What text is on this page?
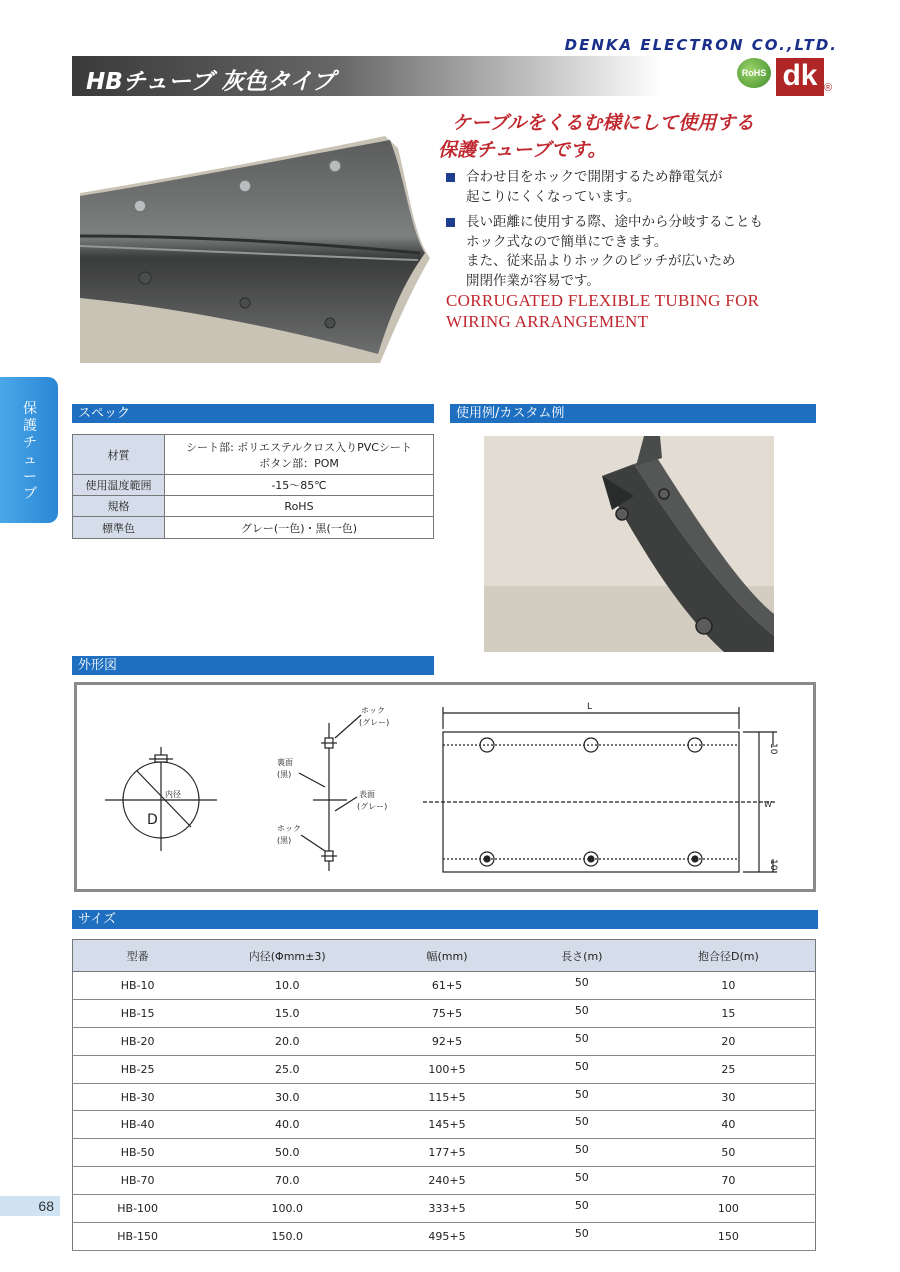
DENKA ELECTRON CO.,LTD.
HBチューブ 灰色タイプ	RoHS dk ®
ケーブルをくるむ様にして使用する
保護チューブです。
合わせ目をホックで開閉するため静電気が
起こりにくくなっています。
長い距離に使用する際、途中から分岐することも
ホック式なので簡単にできます。
また、従来品よりホックのピッチが広いため
開閉作業が容易です。
CORRUGATED FLEXIBLE TUBING FOR
WIRING ARRANGEMENT
保護チューブ
スペック
材質	シート部: ポリエステルクロス入りPVCシート
ボタン部：POM

使用温度範囲	-15～85℃
規格	RoHS
標準色	グレー(一色)・黒(一色)
使用例/カスタム例
外形図
D
内径
ホック
(グレー)
裏面
(黒)
表面
(グレー)
ホック
(黒)
L
W
10
10
サイズ
型番	内径(Φmm±3)	幅(mm)	長さ(m)	抱合径D(m)
HB-10	10.0	61+5	50	10
HB-15	15.0	75+5	50	15
HB-20	20.0	92+5	50	20
HB-25	25.0	100+5	50	25
HB-30	30.0	115+5	50	30
HB-40	40.0	145+5	50	40
HB-50	50.0	177+5	50	50
HB-70	70.0	240+5	50	70
HB-100	100.0	333+5	50	100
HB-150	150.0	495+5	50	150
68
